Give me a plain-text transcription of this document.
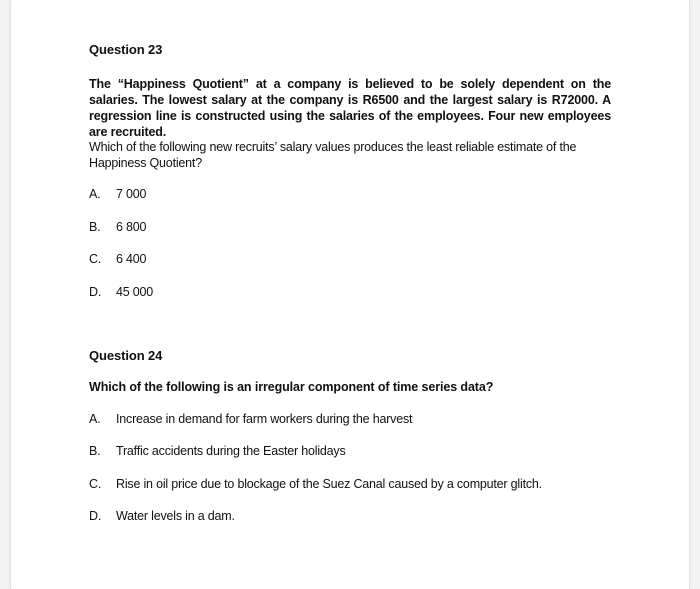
Question 23
The “Happiness Quotient” at a company is believed to be solely dependent on the salaries. The lowest salary at the company is R6500 and the largest salary is R72000. A regression line is constructed using the salaries of the employees. Four new employees are recruited.
Which of the following new recruits’ salary values produces the least reliable estimate of the Happiness Quotient?
A. 7 000
B. 6 800
C. 6 400
D. 45 000
Question 24
Which of the following is an irregular component of time series data?
A. Increase in demand for farm workers during the harvest
B. Traffic accidents during the Easter holidays
C. Rise in oil price due to blockage of the Suez Canal caused by a computer glitch.
D. Water levels in a dam.
